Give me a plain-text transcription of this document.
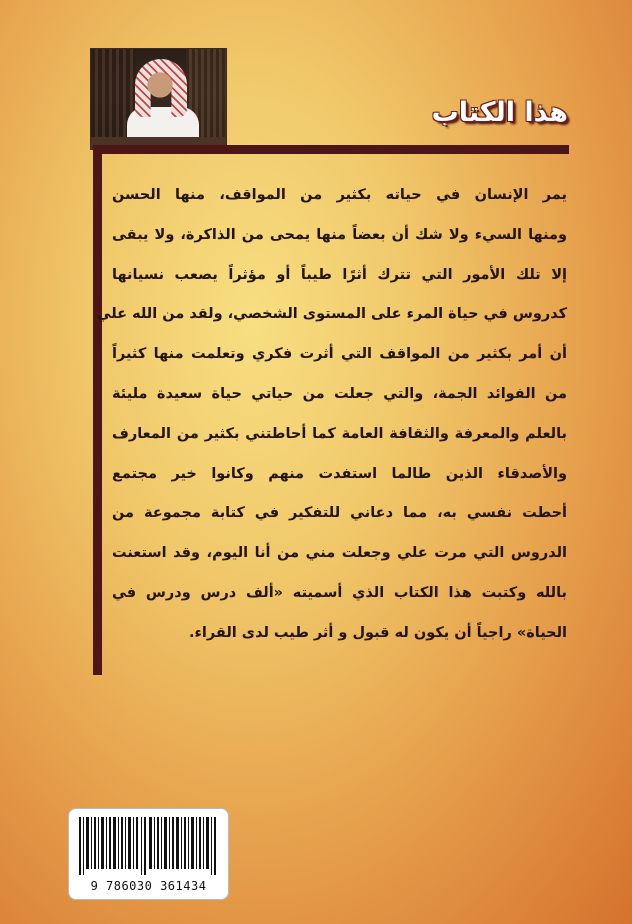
هذا الكتاب
يمر الإنسان في حياته بكثير من المواقف، منها الحسن
ومنها السيء ولا شك أن بعضاً منها يمحى من الذاكرة، ولا يبقى
إلا تلك الأمور التي تترك أثرًا طيباً أو مؤثراً يصعب نسيانها
كدروس في حياة المرء على المستوى الشخصي، ولقد من الله علي
أن أمر بكثير من المواقف التي أثرت فكري وتعلمت منها كثيراً
من الفوائد الجمة، والتي جعلت من حياتي حياة سعيدة مليئة
بالعلم والمعرفة والثقافة العامة كما أحاطتني بكثير من المعارف
والأصدقاء الذين طالما استفدت منهم وكانوا خير مجتمع
أحطت نفسي به، مما دعاني للتفكير في كتابة مجموعة من
الدروس التي مرت علي وجعلت مني من أنا اليوم، وقد استعنت
بالله وكتبت هذا الكتاب الذي أسميته «ألف درس ودرس في
الحياة» راجياً أن يكون له قبول و أثر طيب لدى القراء.
9 786030 361434
